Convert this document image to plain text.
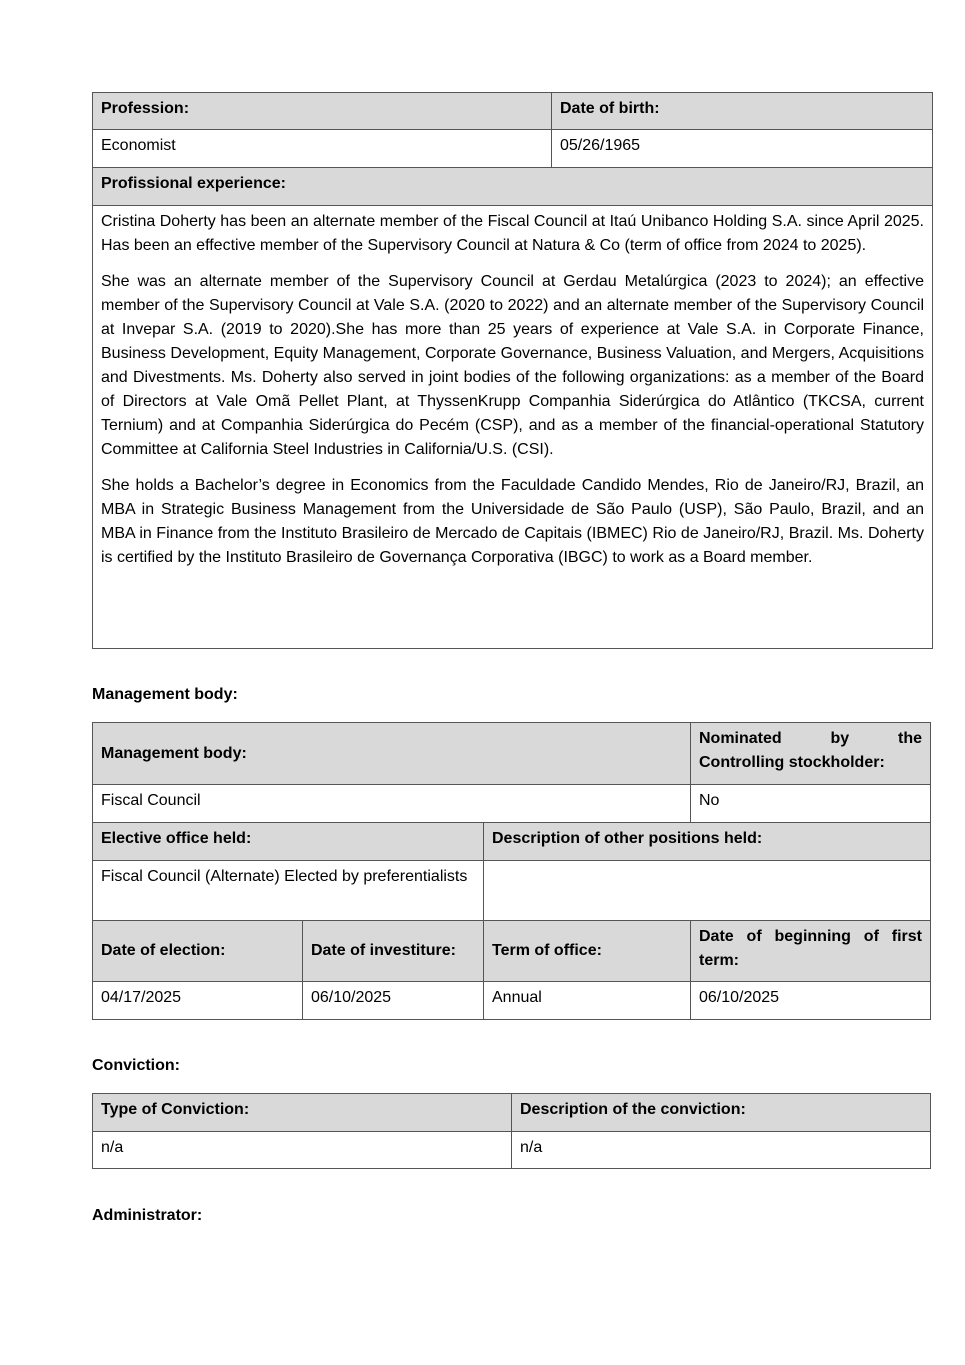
Profession:	Date of birth:
Economist	05/26/1965
Profissional experience:	

Cristina Doherty has been an alternate member of the Fiscal Council at Itaú Unibanco Holding S.A. since April 2025. Has been an effective member of the Supervisory Council at Natura & Co (term of office from 2024 to 2025).

She was an alternate member of the Supervisory Council at Gerdau Metalúrgica (2023 to 2024); an effective member of the Supervisory Council at Vale S.A. (2020 to 2022) and an alternate member of the Supervisory Council at Invepar S.A. (2019 to 2020).She has more than 25 years of experience at Vale S.A. in Corporate Finance, Business Development, Equity Management, Corporate Governance, Business Valuation, and Mergers, Acquisitions and Divestments. Ms. Doherty also served in joint bodies of the following organizations: as a member of the Board of Directors at Vale Omã Pellet Plant, at ThyssenKrupp Companhia Siderúrgica do Atlântico (TKCSA, current Ternium) and at Companhia Siderúrgica do Pecém (CSP), and as a member of the financial-operational Statutory Committee at California Steel Industries in California/U.S. (CSI).

She holds a Bachelor’s degree in Economics from the Faculdade Candido Mendes, Rio de Janeiro/RJ, Brazil, an MBA in Strategic Business Management from the Universidade de São Paulo (USP), São Paulo, Brazil, and an MBA in Finance from the Instituto Brasileiro de Mercado de Capitais (IBMEC) Rio de Janeiro/RJ, Brazil. Ms. Doherty is certified by the Instituto Brasileiro de Governança Corporativa (IBGC) to work as a Board member.	

Management body:
Management body:			Nominated by the Controlling stockholder:
Fiscal Council			No
Elective office held:		Description of other positions held:	
Fiscal Council (Alternate) Elected by preferentialists			
Date of election:	Date of investiture:	Term of office:	Date of beginning of first term:
04/17/2025	06/10/2025	Annual	06/10/2025
Conviction:
Type of Conviction:	Description of the conviction:
n/a	n/a
Administrator:
